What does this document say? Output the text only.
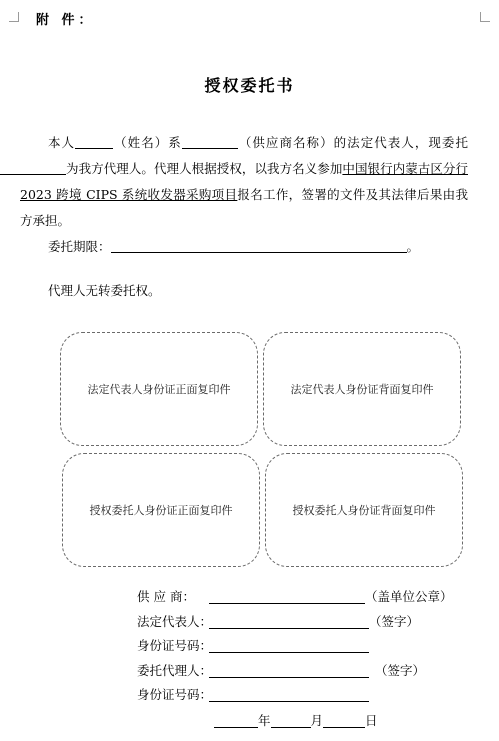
附 件：
授权委托书
本人	（姓名）系	（供应商名称）的法定代表人，现委托为我方代理人。代理人根据授权，以我方名义参加中国银行内蒙古区分行 2023 跨境 CIPS 系统收发器采购项目报名工作，签署的文件及其法律后果由我方承担。
委托期限：	。
代理人无转委托权。
法定代表人身份证正面复印件	法定代表人身份证背面复印件
授权委托人身份证正面复印件	授权委托人身份证背面复印件
供 应 商：	（盖单位公章）
法定代表人：	（签字）
身份证号码：
委托代理人：	（签字）
身份证号码：
年	月	日
